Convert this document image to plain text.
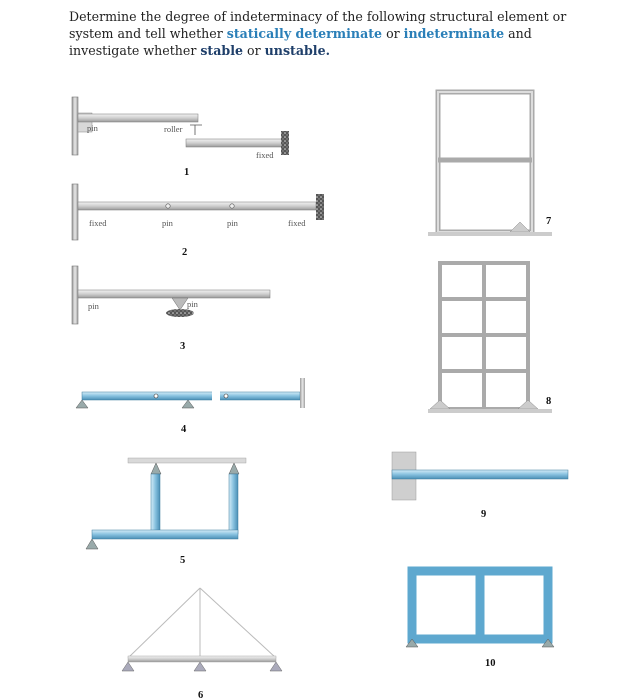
Determine the degree of indeterminacy of the following structural element or system and tell whether statically determinate or indeterminate and investigate whether stable or unstable.

pin	roller
fixed
1
fixed	pin	pin	fixed
2
pin	pin
3
4
5
6
7
8
9
10
